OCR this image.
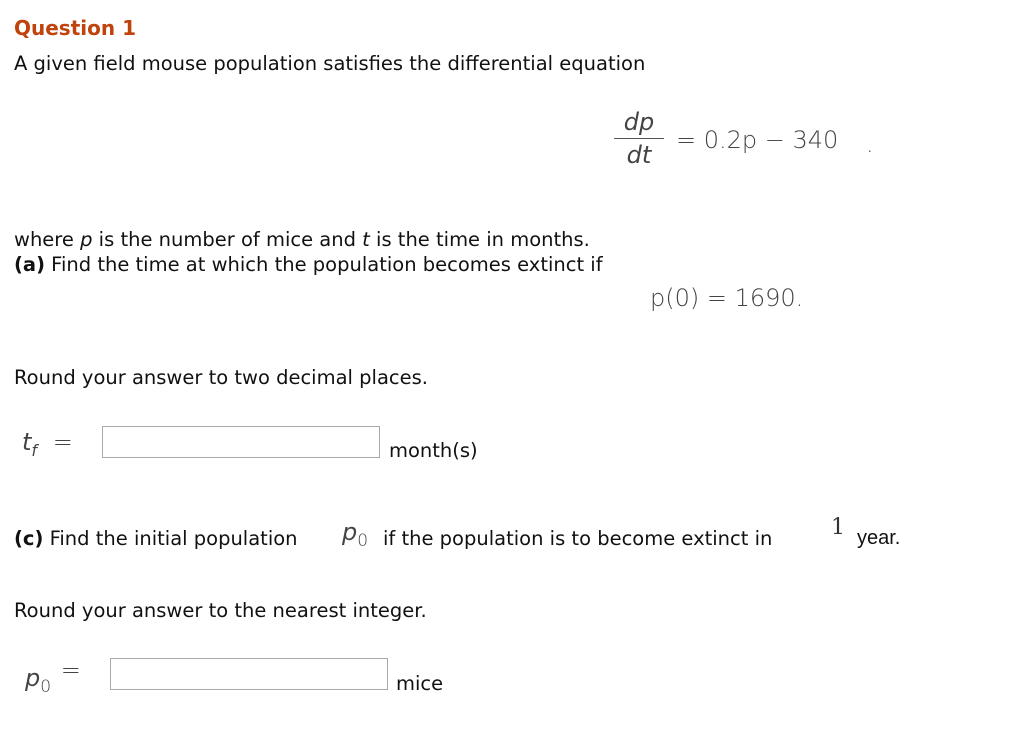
Question 1
A given field mouse population satisfies the differential equation
dp
dt
= 0.2p − 340 .
where p is the number of mice and t is the time in months.
(a) Find the time at which the population becomes extinct if
p(0) = 1690.
Round your answer to two decimal places.
$t_f$ =	month(s)
(c) Find the initial population $p_0$ if the population is to become extinct in	1 year.
Round your answer to the nearest integer.
$p_0$ =	mice
